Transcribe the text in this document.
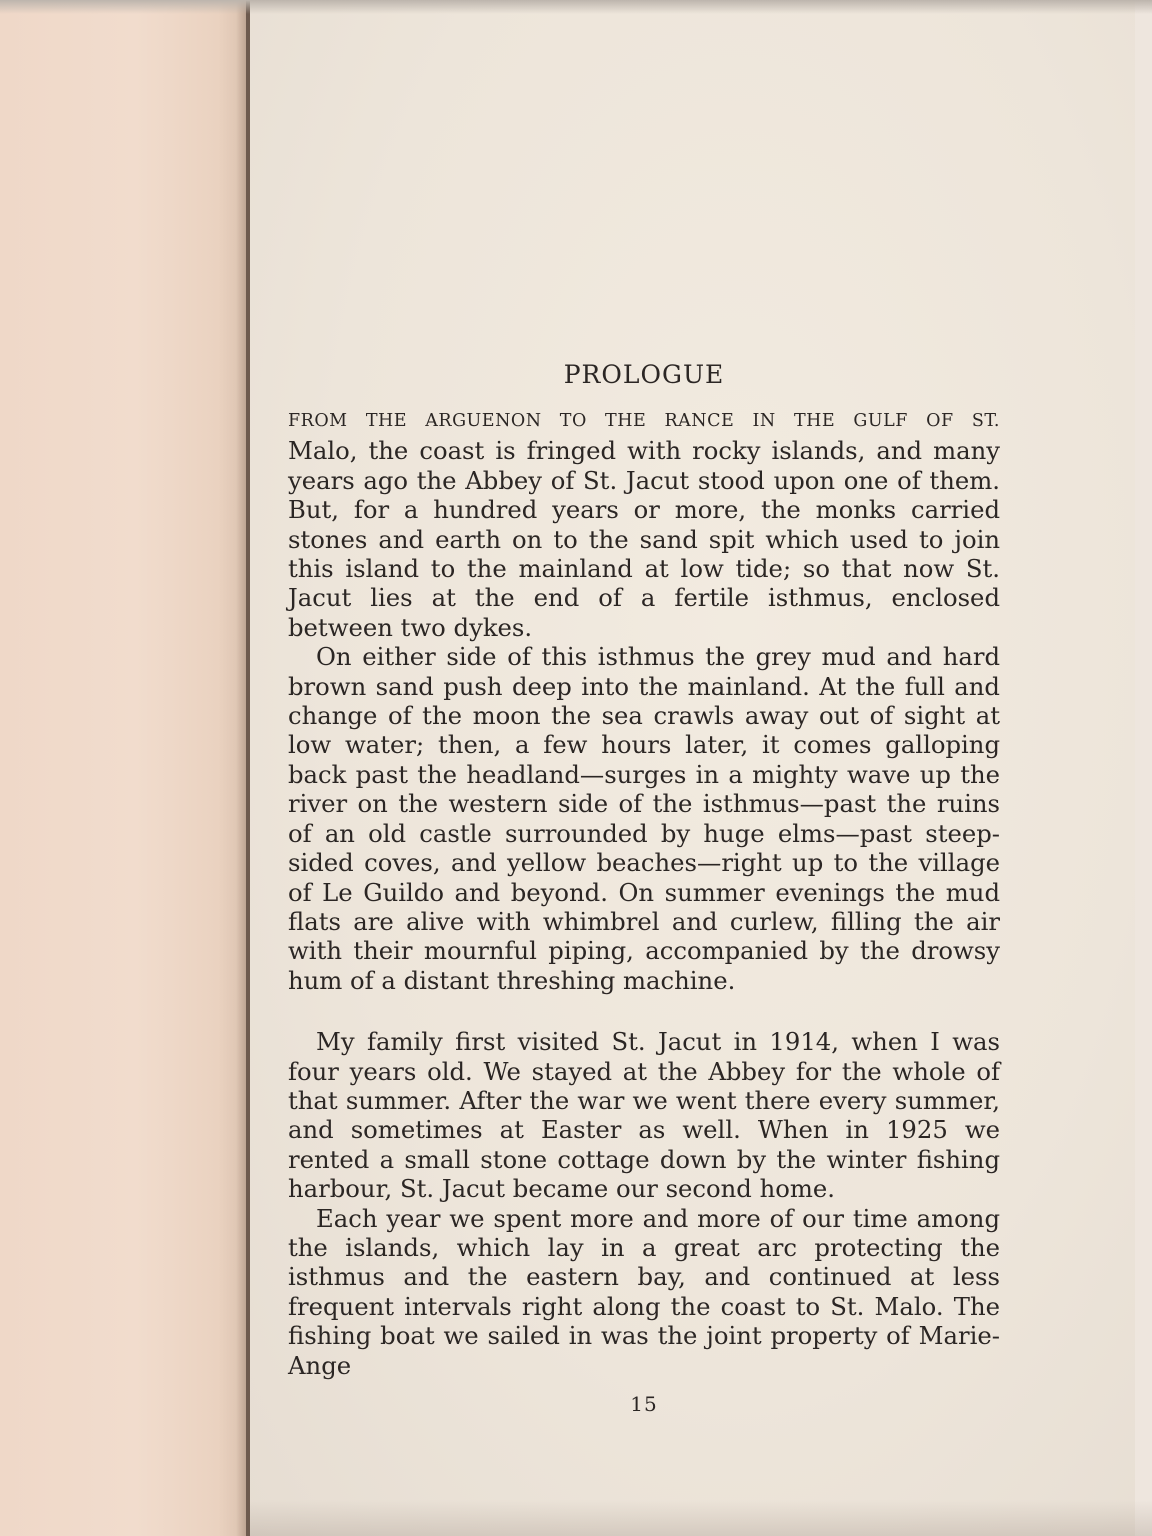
PROLOGUE
FROM THE ARGUENON TO THE RANCE IN THE GULF OF ST.

Malo, the coast is fringed with rocky islands, and many years ago the Abbey of St. Jacut stood upon one of them. But, for a hundred years or more, the monks carried stones and earth on to the sand spit which used to join this island to the mainland at low tide; so that now St. Jacut lies at the end of a fertile isthmus, enclosed between two dykes.

On either side of this isthmus the grey mud and hard brown sand push deep into the mainland. At the full and change of the moon the sea crawls away out of sight at low water; then, a few hours later, it comes galloping back past the headland—surges in a mighty wave up the river on the western side of the isthmus—past the ruins of an old castle surrounded by huge elms—past steep-sided coves, and yellow beaches—right up to the village of Le Guildo and beyond. On summer evenings the mud flats are alive with whimbrel and curlew, filling the air with their mournful piping, accompanied by the drowsy hum of a distant threshing machine.

My family first visited St. Jacut in 1914, when I was four years old. We stayed at the Abbey for the whole of that summer. After the war we went there every summer, and sometimes at Easter as well. When in 1925 we rented a small stone cottage down by the winter fishing harbour, St. Jacut became our second home.

Each year we spent more and more of our time among the islands, which lay in a great arc protecting the isthmus and the eastern bay, and continued at less frequent intervals right along the coast to St. Malo. The fishing boat we sailed in was the joint property of Marie-Ange

15
